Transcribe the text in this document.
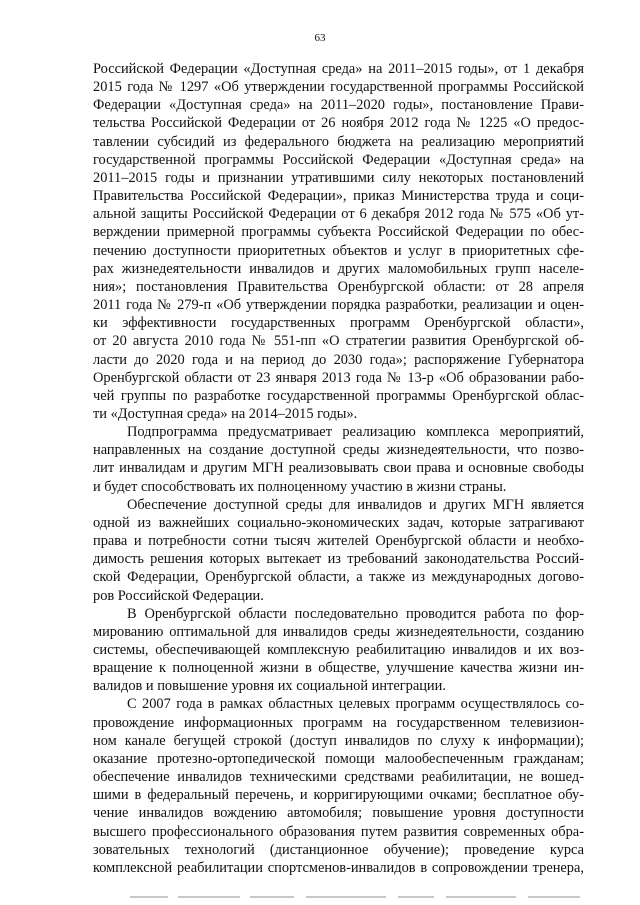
63
Российской Федерации «Доступная среда» на 2011–2015 годы», от 1 декабря
2015 года № 1297 «Об утверждении государственной программы Российской
Федерации «Доступная среда» на 2011–2020 годы», постановление Прави-
тельства Российской Федерации от 26 ноября 2012 года № 1225 «О предос-
тавлении субсидий из федерального бюджета на реализацию мероприятий
государственной программы Российской Федерации «Доступная среда» на
2011–2015 годы и признании утратившими силу некоторых постановлений
Правительства Российской Федерации», приказ Министерства труда и соци-
альной защиты Российской Федерации от 6 декабря 2012 года № 575 «Об ут-
верждении примерной программы субъекта Российской Федерации по обес-
печению доступности приоритетных объектов и услуг в приоритетных сфе-
рах жизнедеятельности инвалидов и других маломобильных групп населе-
ния»; постановления Правительства Оренбургской области: от 28 апреля
2011 года № 279-п «Об утверждении порядка разработки, реализации и оцен-
ки эффективности государственных программ Оренбургской области»,
от 20 августа 2010 года № 551-пп «О стратегии развития Оренбургской об-
ласти до 2020 года и на период до 2030 года»; распоряжение Губернатора
Оренбургской области от 23 января 2013 года № 13-р «Об образовании рабо-
чей группы по разработке государственной программы Оренбургской облас-
ти «Доступная среда» на 2014–2015 годы».
Подпрограмма предусматривает реализацию комплекса мероприятий,
направленных на создание доступной среды жизнедеятельности, что позво-
лит инвалидам и другим МГН реализовывать свои права и основные свободы
и будет способствовать их полноценному участию в жизни страны.
Обеспечение доступной среды для инвалидов и других МГН является
одной из важнейших социально-экономических задач, которые затрагивают
права и потребности сотни тысяч жителей Оренбургской области и необхо-
димость решения которых вытекает из требований законодательства Россий-
ской Федерации, Оренбургской области, а также из международных догово-
ров Российской Федерации.
В Оренбургской области последовательно проводится работа по фор-
мированию оптимальной для инвалидов среды жизнедеятельности, созданию
системы, обеспечивающей комплексную реабилитацию инвалидов и их воз-
вращение к полноценной жизни в обществе, улучшение качества жизни ин-
валидов и повышение уровня их социальной интеграции.
С 2007 года в рамках областных целевых программ осуществлялось со-
провождение информационных программ на государственном телевизион-
ном канале бегущей строкой (доступ инвалидов по слуху к информации);
оказание протезно-ортопедической помощи малообеспеченным гражданам;
обеспечение инвалидов техническими средствами реабилитации, не вошед-
шими в федеральный перечень, и корригирующими очками; бесплатное обу-
чение инвалидов вождению автомобиля; повышение уровня доступности
высшего профессионального образования путем развития современных обра-
зовательных технологий (дистанционное обучение); проведение курса
комплексной реабилитации спортсменов-инвалидов в сопровождении тренера,
